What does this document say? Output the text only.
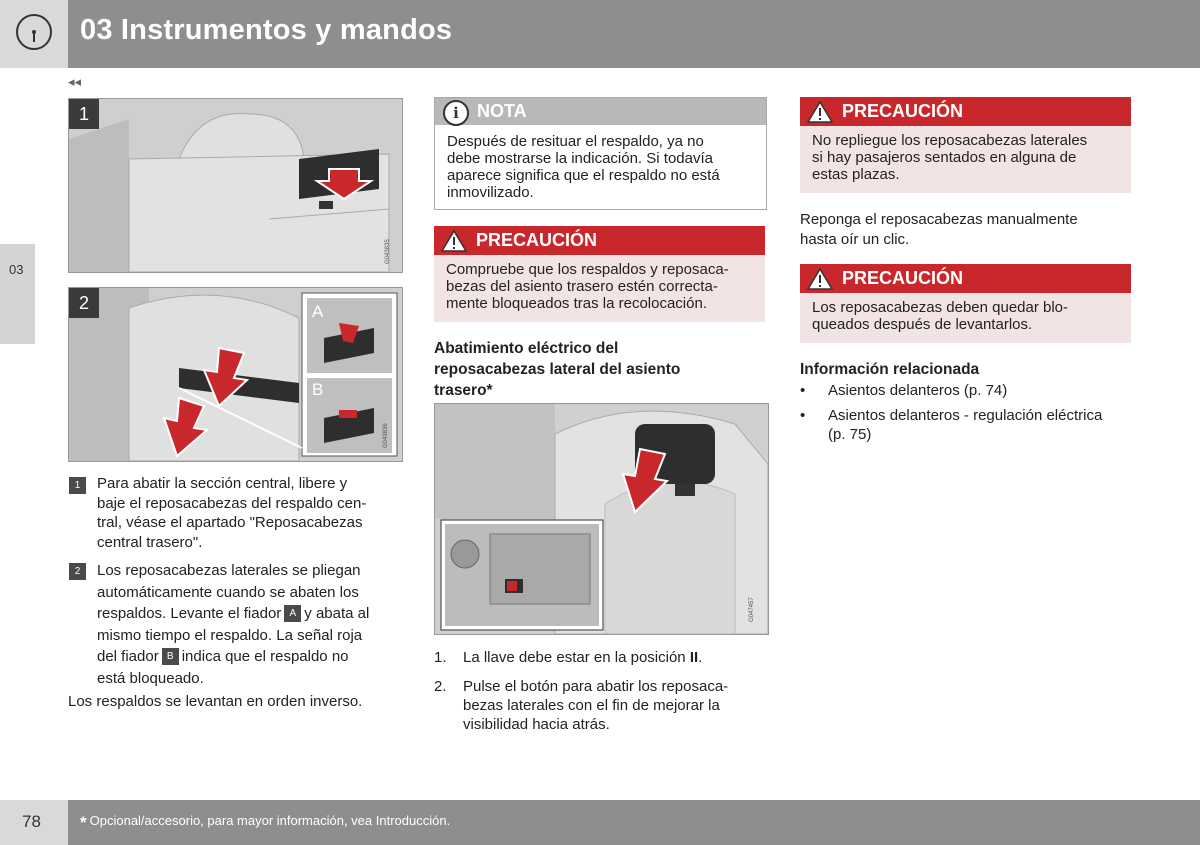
03 Instrumentos y mandos
◂◂
03
1
G043835
2	A
B
G043836
1	Para abatir la sección central, libere y
baje el reposacabezas del respaldo cen-
tral, véase el apartado "Reposacabezas
central trasero".
2	Los reposacabezas laterales se pliegan
automáticamente cuando se abaten los
respaldos. Levante el fiador A y abata al
mismo tiempo el respaldo. La señal roja
del fiador B indica que el respaldo no
está bloqueado.
Los respaldos se levantan en orden inverso.
i	NOTA
Después de resituar el respaldo, ya no
debe mostrarse la indicación. Si todavía
aparece significa que el respaldo no está
inmovilizado.
PRECAUCIÓN
Compruebe que los respaldos y reposaca-
bezas del asiento trasero estén correcta-
mente bloqueados tras la recolocación.
Abatimiento eléctrico del
reposacabezas lateral del asiento
trasero*
G047457
1. La llave debe estar en la posición II.
2. Pulse el botón para abatir los reposaca-
bezas laterales con el fin de mejorar la
visibilidad hacia atrás.
PRECAUCIÓN
No repliegue los reposacabezas laterales
si hay pasajeros sentados en alguna de
estas plazas.
Reponga el reposacabezas manualmente
hasta oír un clic.
PRECAUCIÓN
Los reposacabezas deben quedar blo-
queados después de levantarlos.
Información relacionada
• Asientos delanteros (p. 74)
• Asientos delanteros - regulación eléctrica
(p. 75)
78 * Opcional/accesorio, para mayor información, vea Introducción.
